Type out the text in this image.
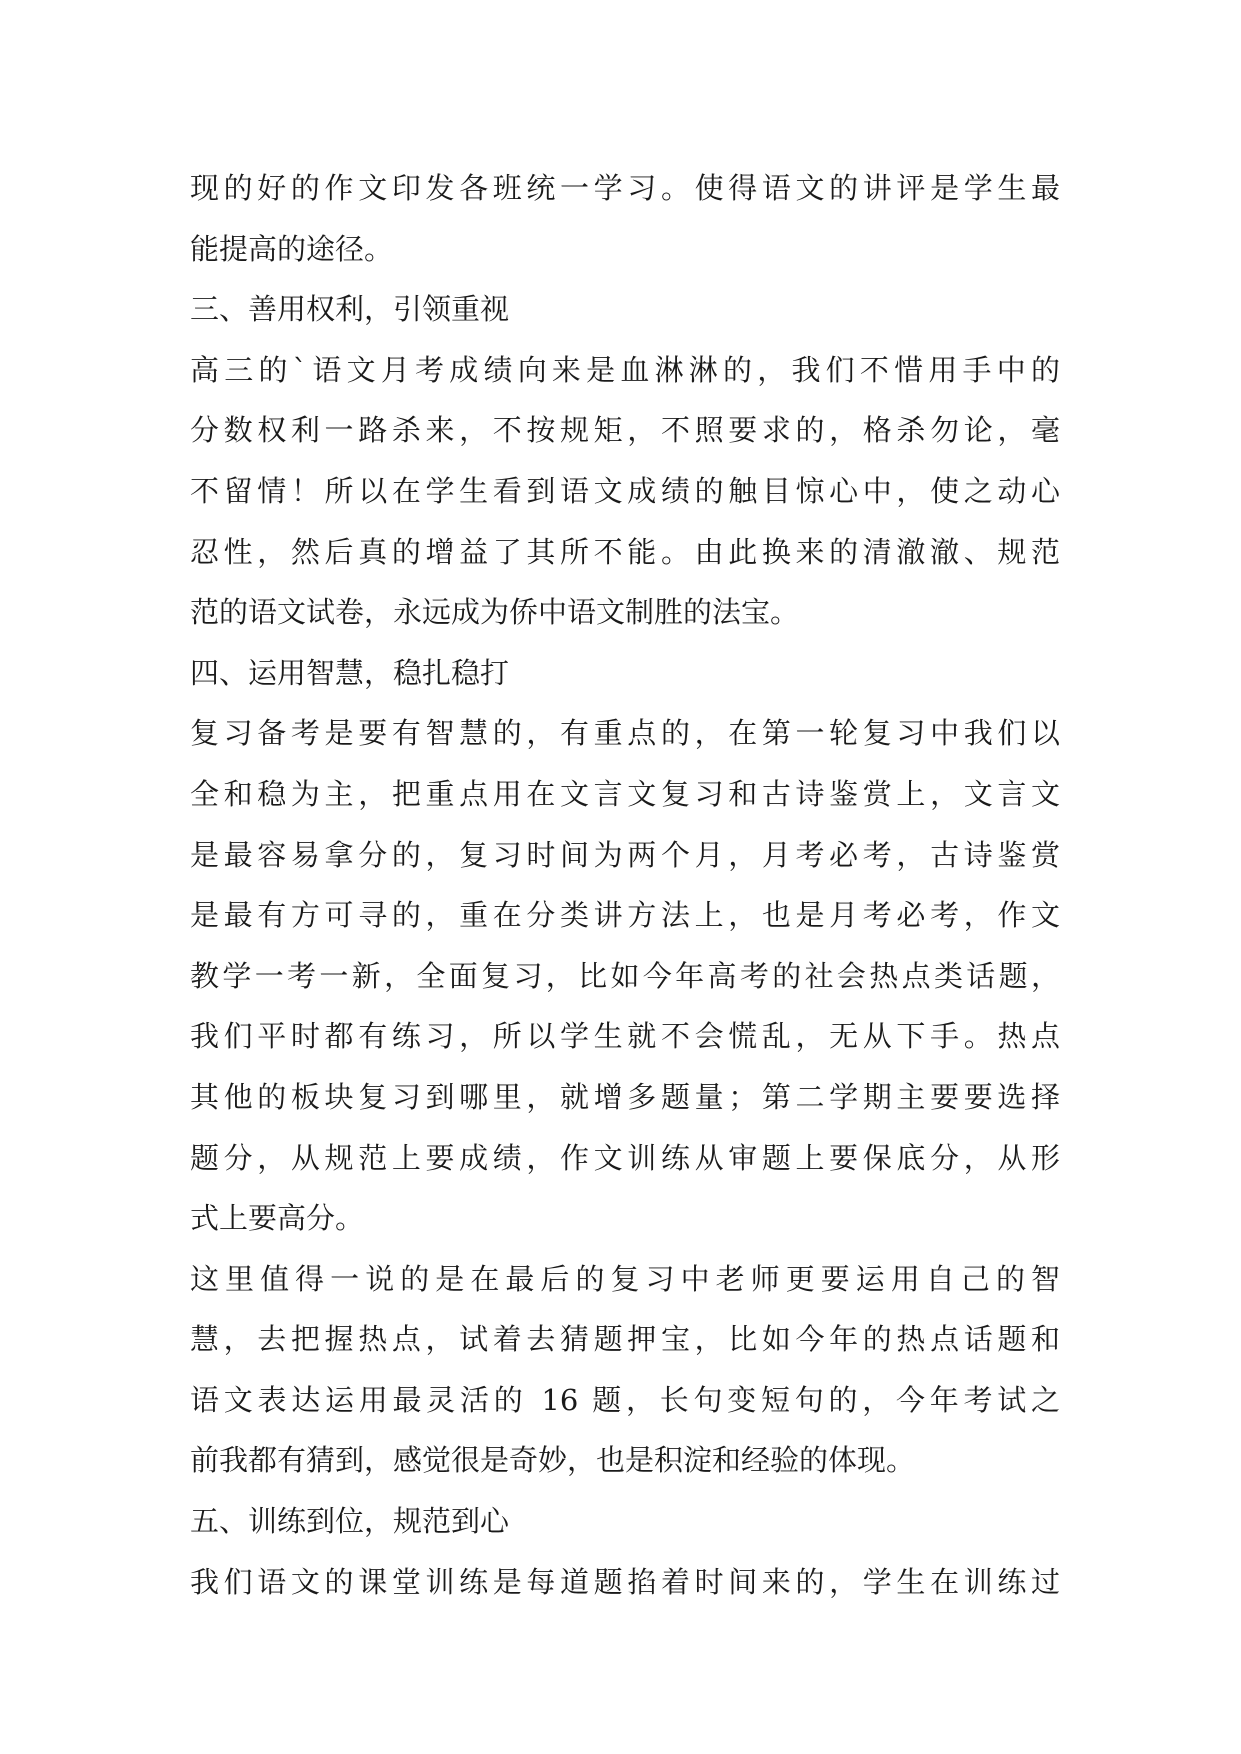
现的好的作文印发各班统一学习。使得语文的讲评是学生最
能提高的途径。
三、善用权利，引领重视
高三的`语文月考成绩向来是血淋淋的，我们不惜用手中的
分数权利一路杀来，不按规矩，不照要求的，格杀勿论，毫
不留情！所以在学生看到语文成绩的触目惊心中，使之动心
忍性，然后真的增益了其所不能。由此换来的清澈澈、规范
范的语文试卷，永远成为侨中语文制胜的法宝。
四、运用智慧，稳扎稳打
复习备考是要有智慧的，有重点的，在第一轮复习中我们以
全和稳为主，把重点用在文言文复习和古诗鉴赏上，文言文
是最容易拿分的，复习时间为两个月，月考必考，古诗鉴赏
是最有方可寻的，重在分类讲方法上，也是月考必考，作文
教学一考一新，全面复习，比如今年高考的社会热点类话题，
我们平时都有练习，所以学生就不会慌乱，无从下手。热点
其他的板块复习到哪里，就增多题量；第二学期主要要选择
题分，从规范上要成绩，作文训练从审题上要保底分，从形
式上要高分。
这里值得一说的是在最后的复习中老师更要运用自己的智
慧，去把握热点，试着去猜题押宝，比如今年的热点话题和
语文表达运用最灵活的 16 题，长句变短句的，今年考试之
前我都有猜到，感觉很是奇妙，也是积淀和经验的体现。
五、训练到位，规范到心
我们语文的课堂训练是每道题掐着时间来的，学生在训练过
